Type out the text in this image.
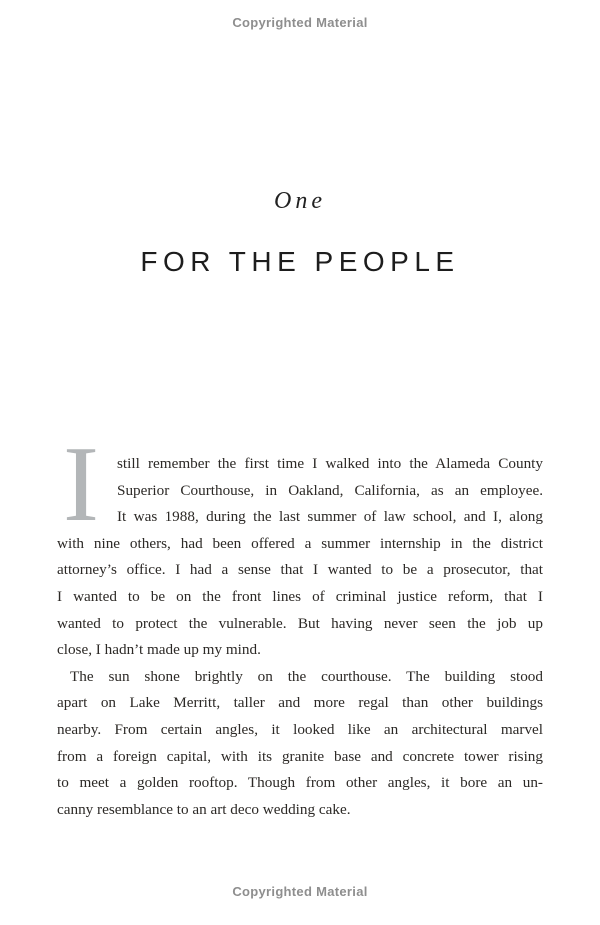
Copyrighted Material
One
FOR THE PEOPLE
I still remember the first time I walked into the Alameda County
Superior Courthouse, in Oakland, California, as an employee.
It was 1988, during the last summer of law school, and I, along
with nine others, had been offered a summer internship in the district
attorney’s office. I had a sense that I wanted to be a prosecutor, that
I wanted to be on the front lines of criminal justice reform, that I
wanted to protect the vulnerable. But having never seen the job up
close, I hadn’t made up my mind.
The sun shone brightly on the courthouse. The building stood
apart on Lake Merritt, taller and more regal than other buildings
nearby. From certain angles, it looked like an architectural marvel
from a foreign capital, with its granite base and concrete tower rising
to meet a golden rooftop. Though from other angles, it bore an un-
canny resemblance to an art deco wedding cake.
Copyrighted Material
